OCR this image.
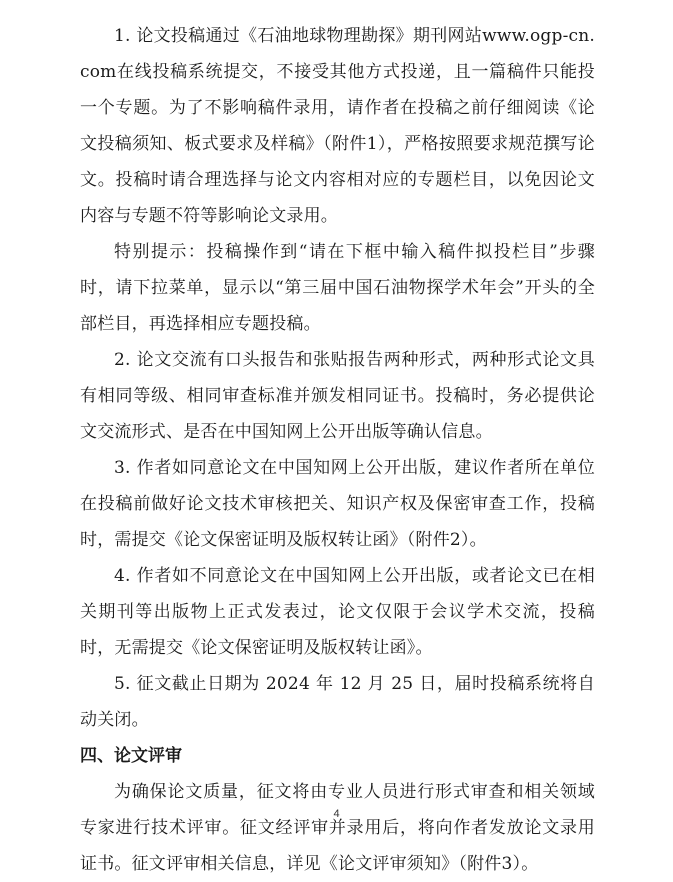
1. 论文投稿通过《石油地球物理勘探》期刊网站www.ogp-cn.com在线投稿系统提交，不接受其他方式投递，且一篇稿件只能投一个专题。为了不影响稿件录用，请作者在投稿之前仔细阅读《论文投稿须知、板式要求及样稿》（附件1），严格按照要求规范撰写论文。投稿时请合理选择与论文内容相对应的专题栏目，以免因论文内容与专题不符等影响论文录用。

特别提示：投稿操作到“请在下框中输入稿件拟投栏目”步骤时，请下拉菜单，显示以“第三届中国石油物探学术年会”开头的全部栏目，再选择相应专题投稿。

2. 论文交流有口头报告和张贴报告两种形式，两种形式论文具有相同等级、相同审查标准并颁发相同证书。投稿时，务必提供论文交流形式、是否在中国知网上公开出版等确认信息。

3. 作者如同意论文在中国知网上公开出版，建议作者所在单位在投稿前做好论文技术审核把关、知识产权及保密审查工作，投稿时，需提交《论文保密证明及版权转让函》（附件2）。

4. 作者如不同意论文在中国知网上公开出版，或者论文已在相关期刊等出版物上正式发表过，论文仅限于会议学术交流，投稿时，无需提交《论文保密证明及版权转让函》。

5. 征文截止日期为 2024 年 12 月 25 日，届时投稿系统将自动关闭。

四、论文评审

为确保论文质量，征文将由专业人员进行形式审查和相关领域专家进行技术评审。征文经评审并录用后，将向作者发放论文录用证书。征文评审相关信息，详见《论文评审须知》（附件3）。

4
